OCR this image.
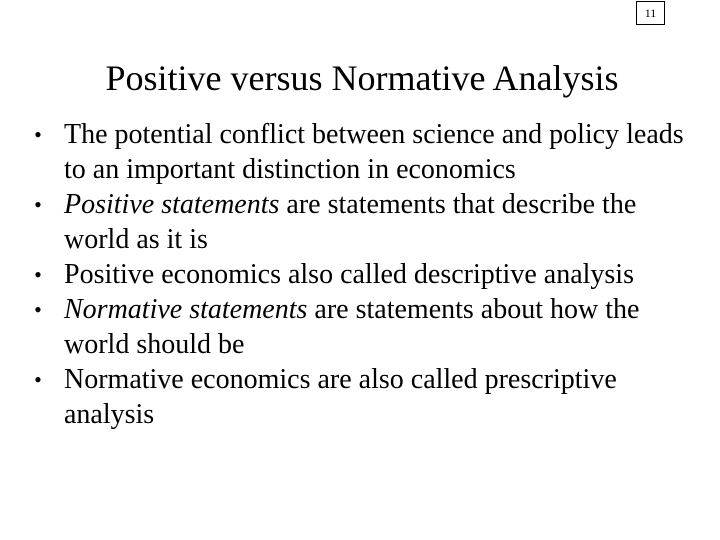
11
Positive versus Normative Analysis
• The potential conflict between science and policy leads to an important distinction in economics
• Positive statements are statements that describe the world as it is
• Positive economics also called descriptive analysis
• Normative statements are statements about how the world should be
• Normative economics are also called prescriptive analysis
